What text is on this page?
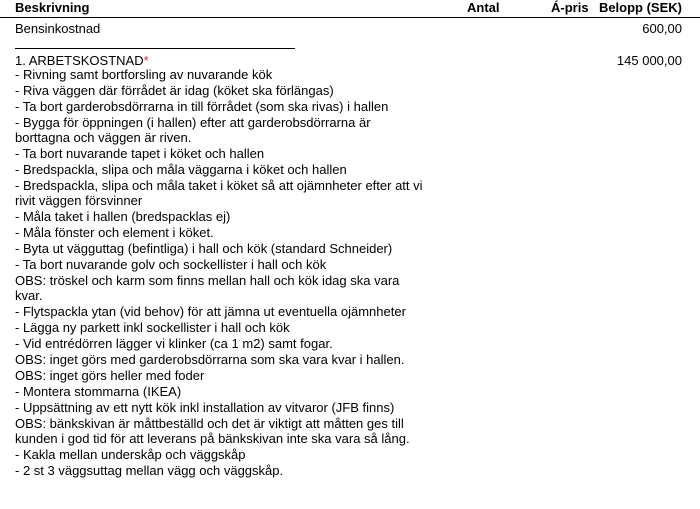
Beskrivning	Antal	Á-pris Belopp (SEK)
Bensinkostnad	600,00
1. ARBETSKOSTNAD*	145 000,00
- Rivning samt bortforsling av nuvarande kök
- Riva väggen där förrådet är idag (köket ska förlängas)
- Ta bort garderobsdörrarna in till förrådet (som ska rivas) i hallen
- Bygga för öppningen (i hallen) efter att garderobsdörrarna är borttagna och väggen är riven.
- Ta bort nuvarande tapet i köket och hallen
- Bredspackla, slipa och måla väggarna i köket och hallen
- Bredspackla, slipa och måla taket i köket så att ojämnheter efter att vi rivit väggen försvinner
- Måla taket i hallen (bredspacklas ej)
- Måla fönster och element i köket.
- Byta ut vägguttag (befintliga) i hall och kök (standard Schneider)
- Ta bort nuvarande golv och sockellister i hall och kök
OBS: tröskel och karm som finns mellan hall och kök idag ska vara kvar.
- Flytspackla ytan (vid behov) för att jämna ut eventuella ojämnheter
- Lägga ny parkett inkl sockellister i hall och kök
- Vid entrédörren lägger vi klinker (ca 1 m2) samt fogar.
OBS: inget görs med garderobsdörrarna som ska vara kvar i hallen.
OBS: inget görs heller med foder
- Montera stommarna (IKEA)
- Uppsättning av ett nytt kök inkl installation av vitvaror (JFB finns)
OBS: bänkskivan är måttbeställd och det är viktigt att måtten ges till kunden i god tid för att leverans på bänkskivan inte ska vara så lång.
- Kakla mellan underskåp och väggskåp
- 2 st 3 väggsuttag mellan vägg och väggskåp.
